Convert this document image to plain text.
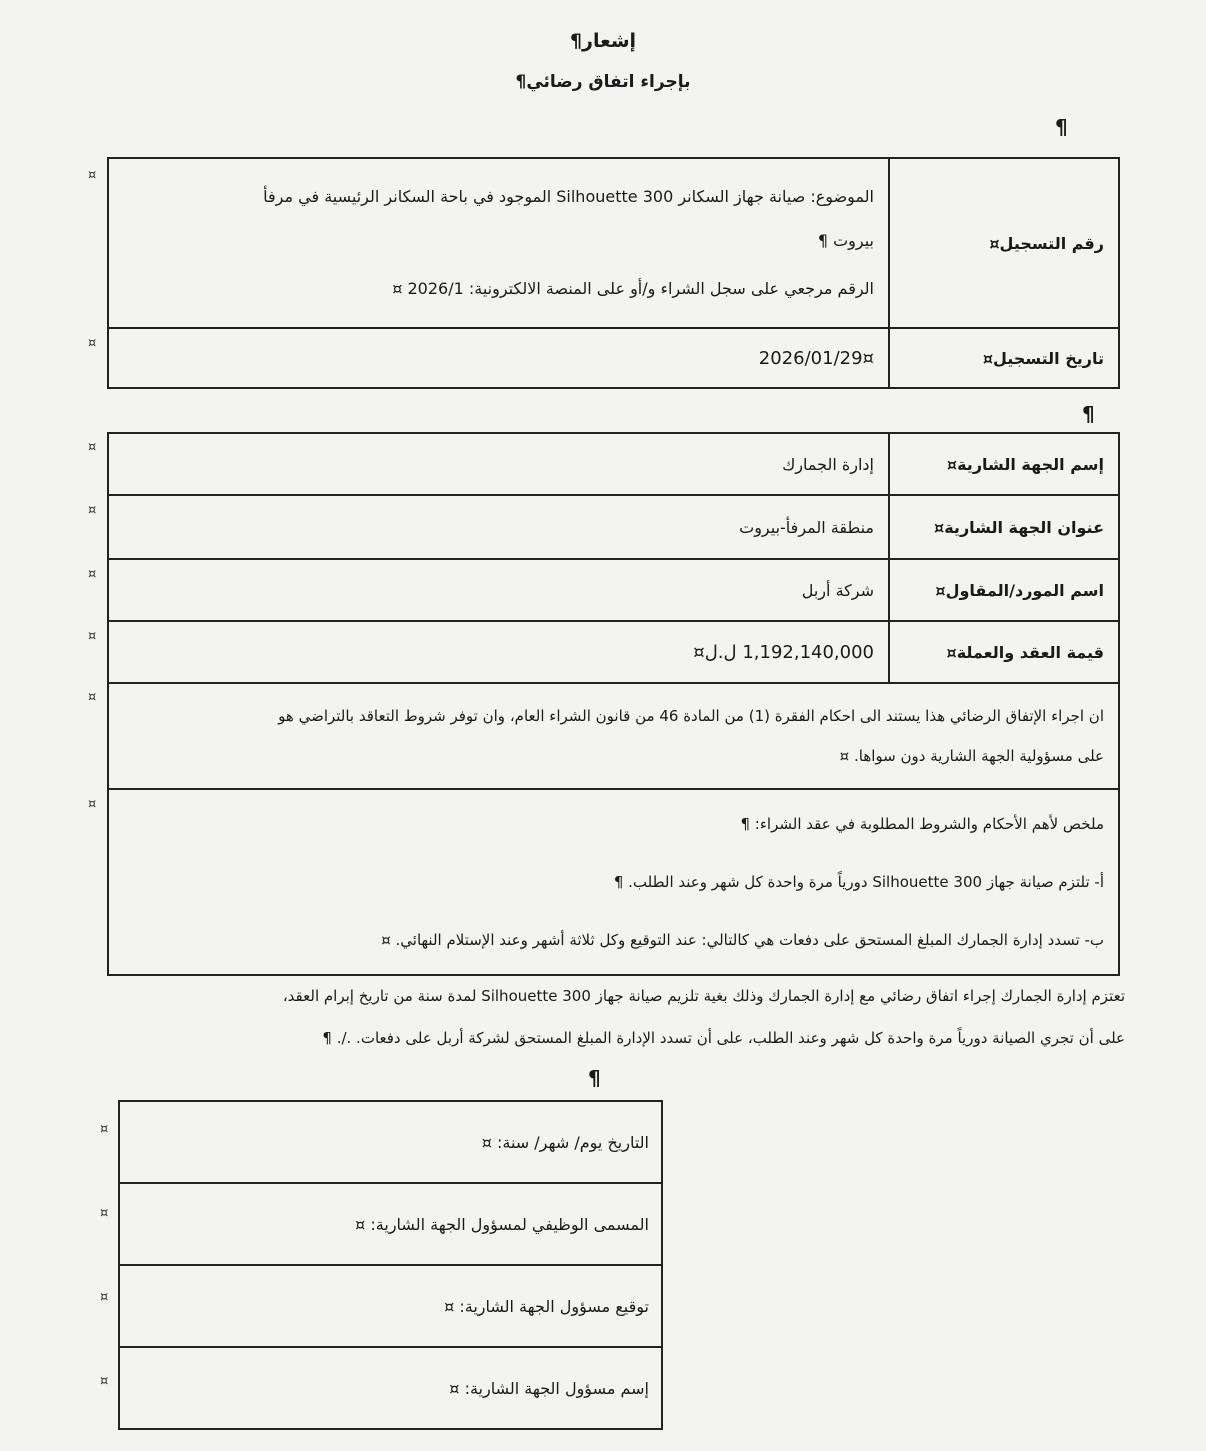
إشعار¶
بإجراء اتفاق رضائي¶
¶
رقم التسجيل¤	الموضوع: صيانة جهاز السكانر 300 Silhouette الموجود في باحة السكانر الرئيسية في مرفأ
بيروت ¶
الرقم مرجعي على سجل الشراء و/أو على المنصة الالكترونية: 2026/1 ¤

تاريخ التسجيل¤	2026/01/29¤
¤
¤
¶
إسم الجهة الشارية¤	إدارة الجمارك
عنوان الجهة الشارية¤	منطقة المرفأ-بيروت
اسم المورد/المقاول¤	شركة أربل
قيمة العقد والعملة¤	1,192,140,000 ل.ل¤

ان اجراء الإتفاق الرضائي هذا يستند الى احكام الفقرة (1) من المادة 46 من قانون الشراء العام، وان توفر شروط التعاقد بالتراضي هو
على مسؤولية الجهة الشارية دون سواها. ¤	

ملخص لأهم الأحكام والشروط المطلوبة في عقد الشراء: ¶
أ- تلتزم صيانة جهاز 300 Silhouette دورياً مرة واحدة كل شهر وعند الطلب. ¶
ب- تسدد إدارة الجمارك المبلغ المستحق على دفعات هي كالتالي: عند التوقيع وكل ثلاثة أشهر وعند الإستلام النهائي. ¤	
¤
¤
¤
¤
¤
¤
تعتزم إدارة الجمارك إجراء اتفاق رضائي مع إدارة الجمارك وذلك بغية تلزيم صيانة جهاز 300 Silhouette لمدة سنة من تاريخ إبرام العقد،
على أن تجري الصيانة دورياً مرة واحدة كل شهر وعند الطلب، على أن تسدد الإدارة المبلغ المستحق لشركة أربل على دفعات. ./. ¶
¶
التاريخ يوم/ شهر/ سنة: ¤
المسمى الوظيفي لمسؤول الجهة الشارية: ¤
توقيع مسؤول الجهة الشارية: ¤
إسم مسؤول الجهة الشارية: ¤
¤
¤
¤
¤
